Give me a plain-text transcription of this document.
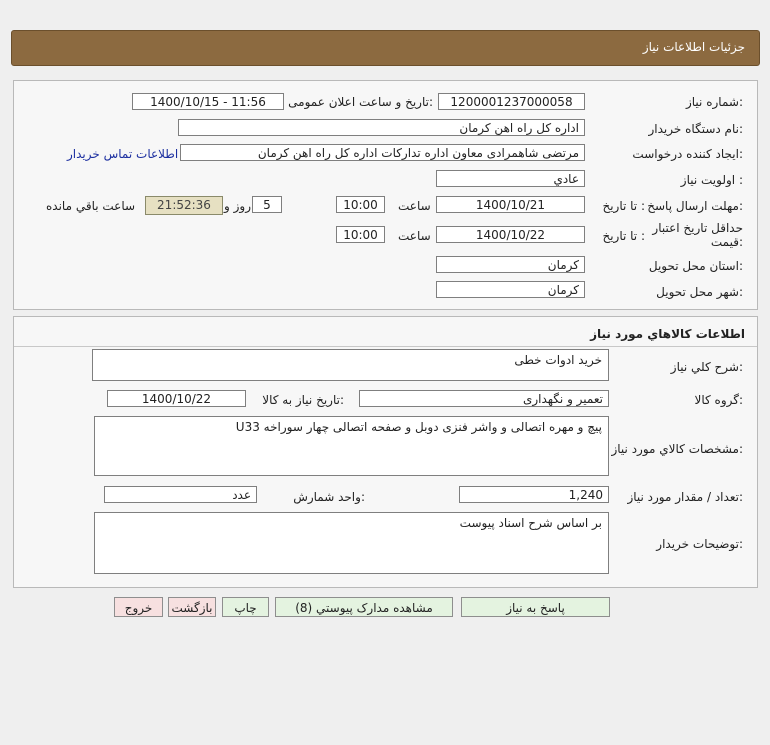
جزئیات اطلاعات نیاز
شماره نیاز:
1200001237000058
تاریخ و ساعت اعلان عمومی:
1400/10/15 - 11:56
نام دستگاه خریدار:
اداره کل راه اهن کرمان
ایجاد کننده درخواست:
مرتضی شاهمرادی معاون اداره تدارکات اداره کل راه اهن کرمان
اطلاعات تماس خریدار
اولویت نیاز :
عادي
مهلت ارسال پاسخ:
تا تاریخ :
1400/10/21
ساعت
10:00
5
روز و
21:52:36
ساعت باقي مانده
حداقل تاریخ اعتبار
قیمت:
تا تاریخ :
1400/10/22
ساعت
10:00
استان محل تحویل:
کرمان
شهر محل تحویل:
کرمان
اطلاعات کالاهاي مورد نياز
شرح کلي نياز:
خرید ادوات خطی
گروه کالا:
تعمیر و نگهداری
تاريخ نياز به کالا:
1400/10/22
مشخصات کالاي مورد نياز:
پیچ و مهره اتصالی و واشر فنزی دوبل و صفحه اتصالی چهار سوراخه U33
تعداد / مقدار مورد نياز:
1,240
واحد شمارش:
عدد
توضيحات خريدار:
بر اساس شرح اسناد پیوست
پاسخ به نياز
مشاهده مدارک پيوستي (8)
چاپ
بازگشت
خروج
